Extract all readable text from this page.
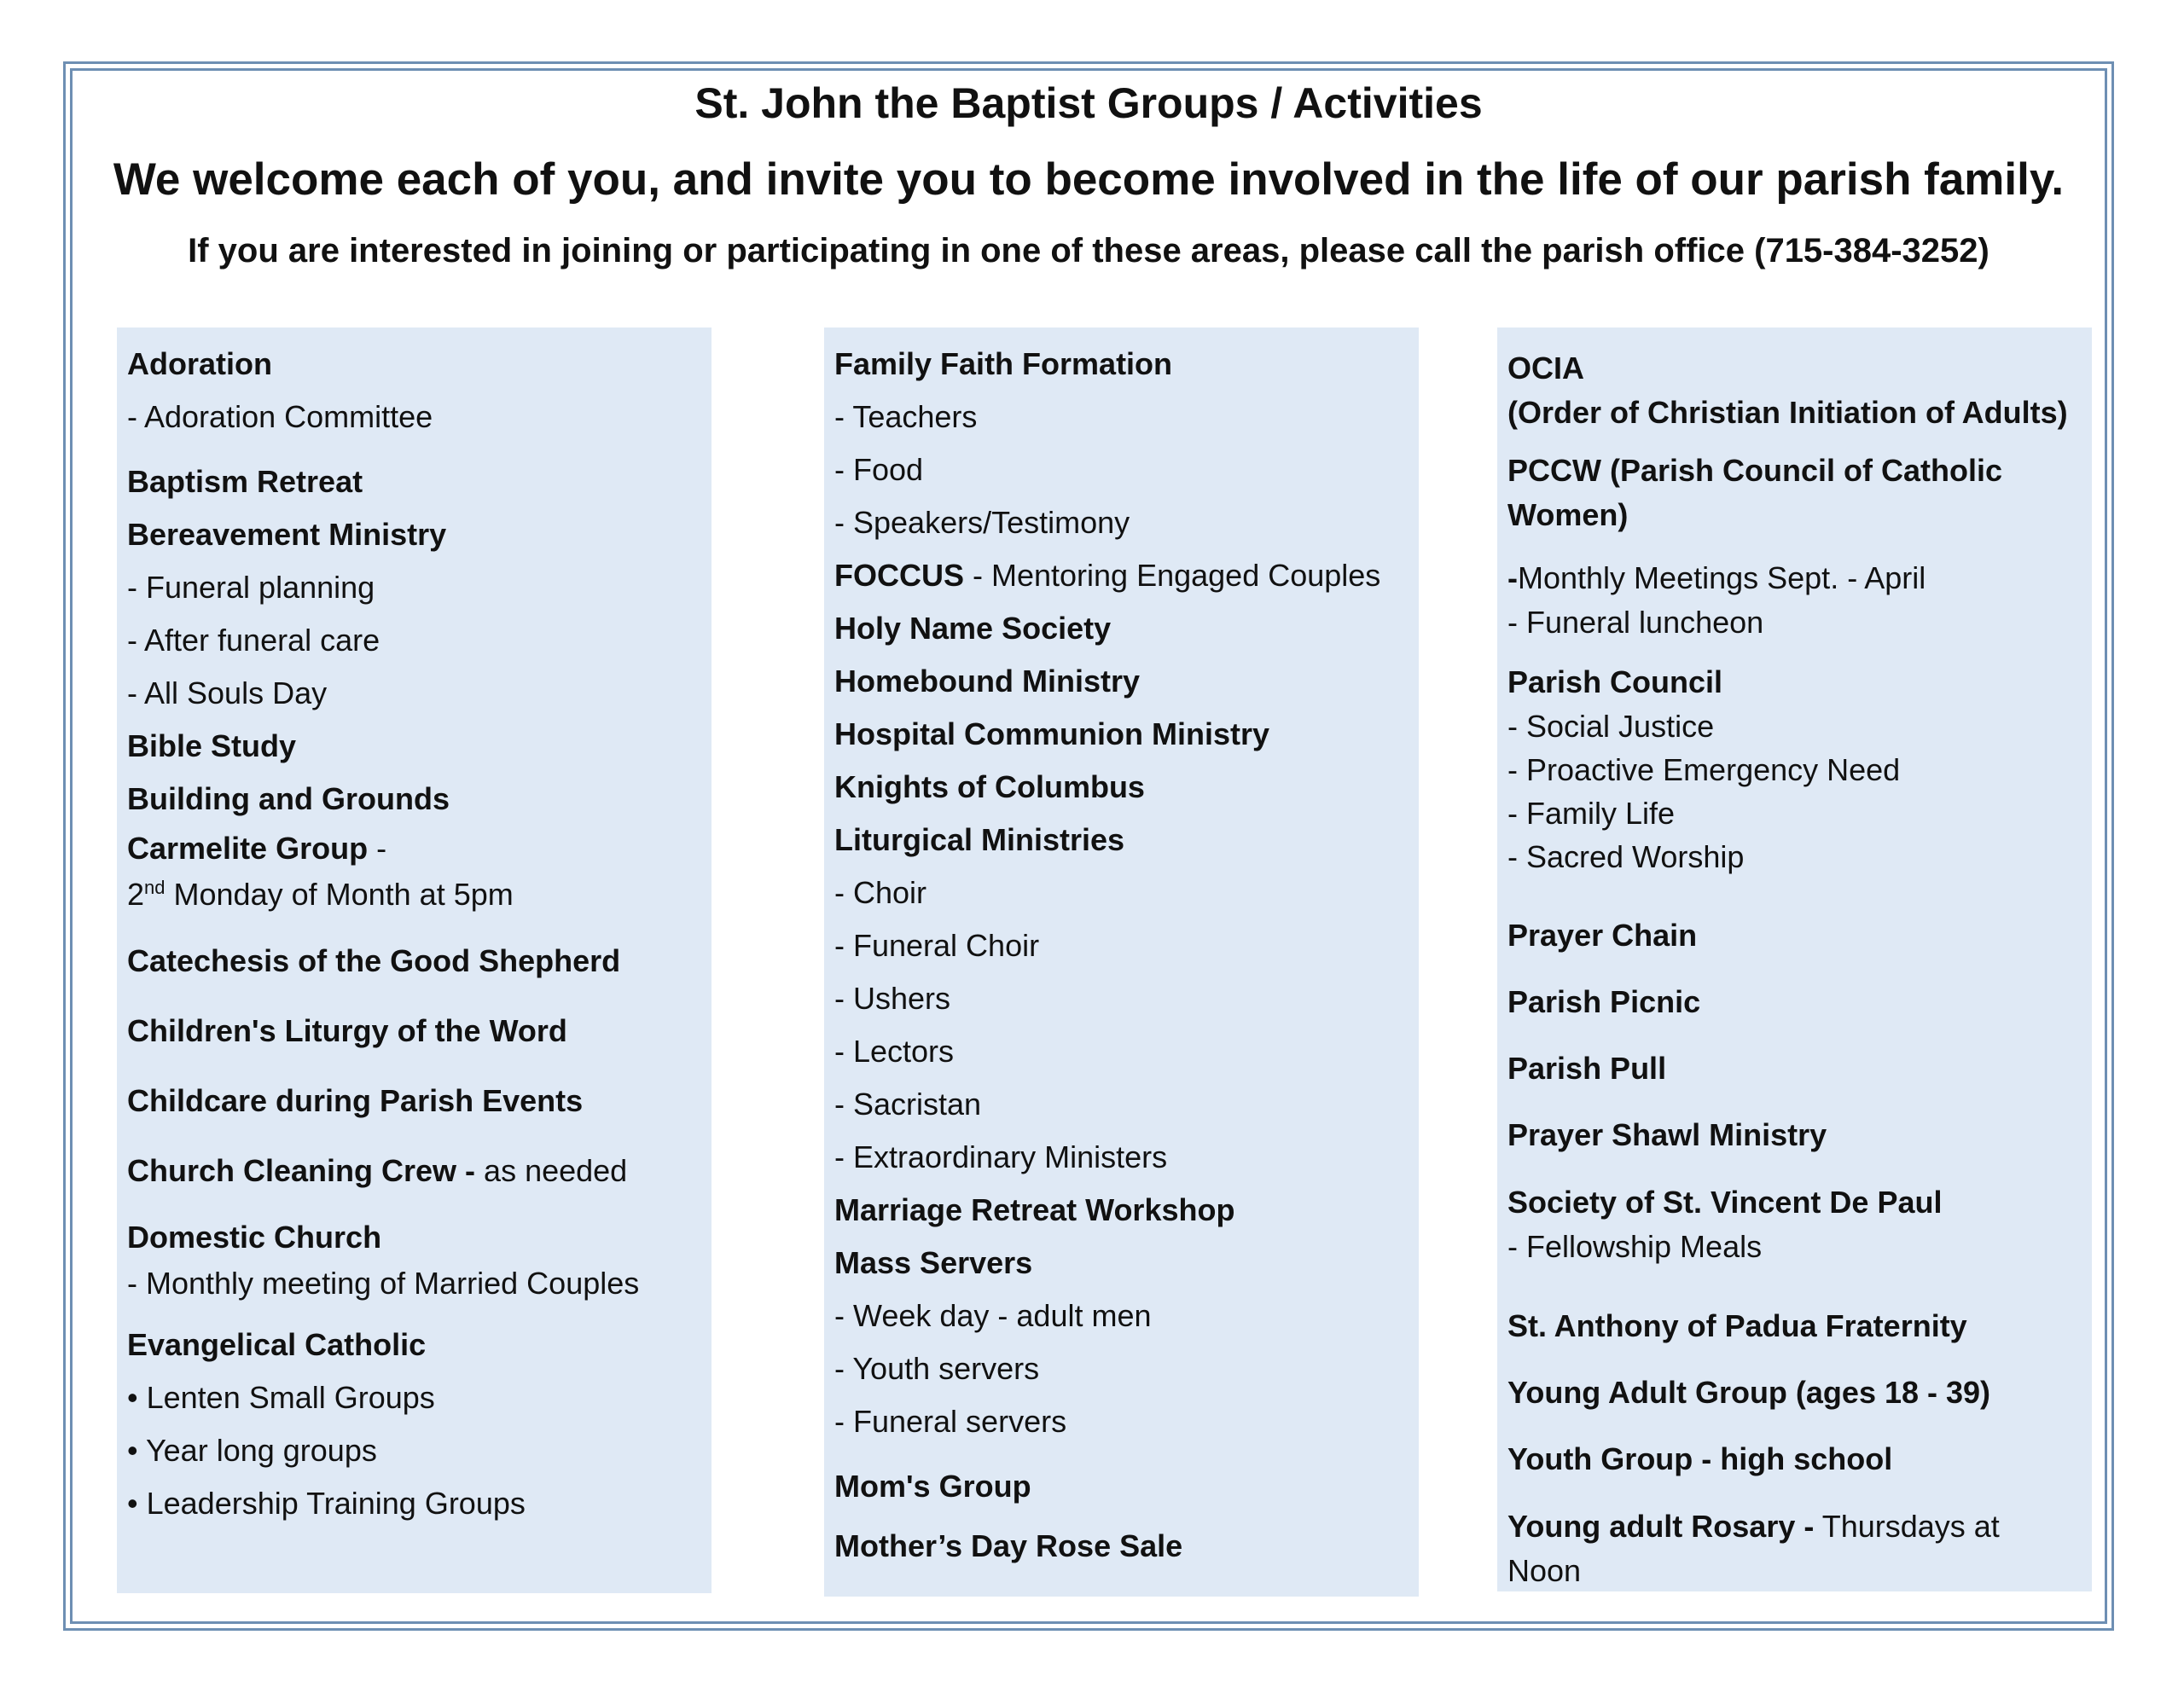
St. John the Baptist Groups / Activities
We welcome each of you, and invite you to become involved in the life of our parish family.
If you are interested in joining or participating in one of these areas, please call the parish office (715-384-3252)
Adoration
- Adoration Committee
Baptism Retreat
Bereavement Ministry
- Funeral planning
- After funeral care
- All Souls Day
Bible Study
Building and Grounds
Carmelite Group -
2nd Monday of Month at 5pm
Catechesis of the Good Shepherd
Children's Liturgy of the Word
Childcare during Parish Events
Church Cleaning Crew - as needed
Domestic Church
- Monthly meeting of Married Couples
Evangelical Catholic
• Lenten Small Groups
• Year long groups
• Leadership Training Groups
Family Faith Formation
- Teachers
- Food
- Speakers/Testimony
FOCCUS - Mentoring Engaged Couples
Holy Name Society
Homebound Ministry
Hospital Communion Ministry
Knights of Columbus
Liturgical Ministries
- Choir
- Funeral Choir
- Ushers
- Lectors
- Sacristan
- Extraordinary Ministers
Marriage Retreat Workshop
Mass Servers
- Week day - adult men
- Youth servers
- Funeral servers
Mom's Group
Mother’s Day Rose Sale
OCIA
(Order of Christian Initiation of Adults)
PCCW (Parish Council of Catholic Women)
-Monthly Meetings Sept. - April
- Funeral luncheon
Parish Council
- Social Justice
- Proactive Emergency Need
- Family Life
- Sacred Worship
Prayer Chain
Parish Picnic
Parish Pull
Prayer Shawl Ministry
Society of St. Vincent De Paul
- Fellowship Meals
St. Anthony of Padua Fraternity
Young Adult Group (ages 18 - 39)
Youth Group - high school
Young adult Rosary - Thursdays at Noon
